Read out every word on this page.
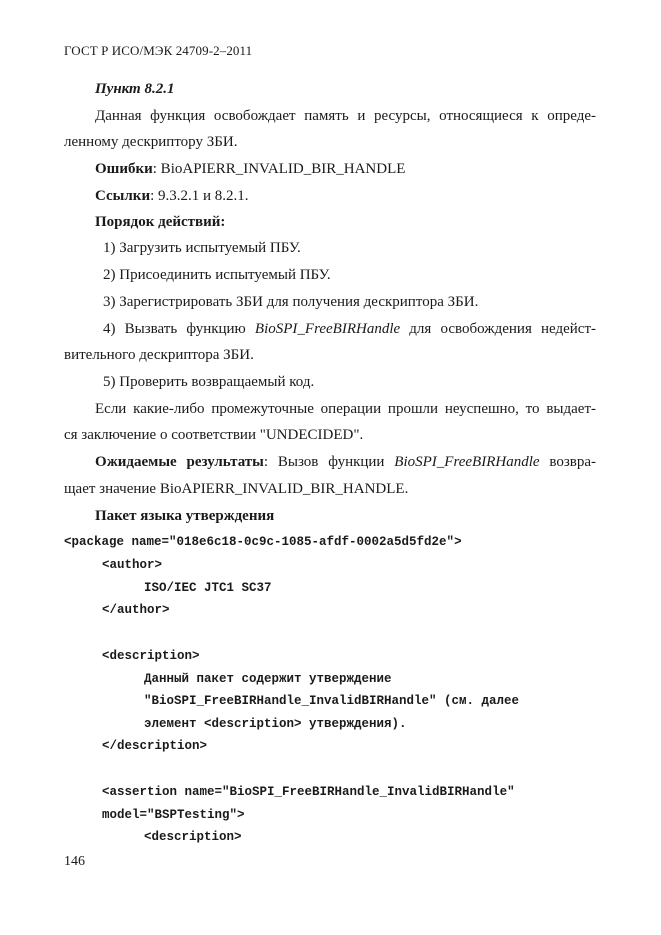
ГОСТ Р ИСО/МЭК 24709-2–2011
Пункт 8.2.1
Данная функция освобождает память и ресурсы, относящиеся к опреде-
ленному дескриптору ЗБИ.
Ошибки: BioAPIERR_INVALID_BIR_HANDLE
Ссылки: 9.3.2.1 и 8.2.1.
Порядок действий:
1) Загрузить испытуемый ПБУ.
2) Присоединить испытуемый ПБУ.
3) Зарегистрировать ЗБИ для получения дескриптора ЗБИ.
4) Вызвать функцию BioSPI_FreeBIRHandle для освобождения недейст-
вительного дескриптора ЗБИ.
5) Проверить возвращаемый код.
Если какие-либо промежуточные операции прошли неуспешно, то выдает-
ся заключение о соответствии "UNDECIDED".
Ожидаемые результаты: Вызов функции BioSPI_FreeBIRHandle возвра-
щает значение BioAPIERR_INVALID_BIR_HANDLE.
Пакет языка утверждения
<package name="018e6c18-0c9c-1085-afdf-0002a5d5fd2e">
<author>
ISO/IEC JTC1 SC37
</author>
<description>
Данный пакет содержит утверждение
"BioSPI_FreeBIRHandle_InvalidBIRHandle" (см. далее
элемент <description> утверждения).
</description>
<assertion name="BioSPI_FreeBIRHandle_InvalidBIRHandle"
model="BSPTesting">
<description>
146
